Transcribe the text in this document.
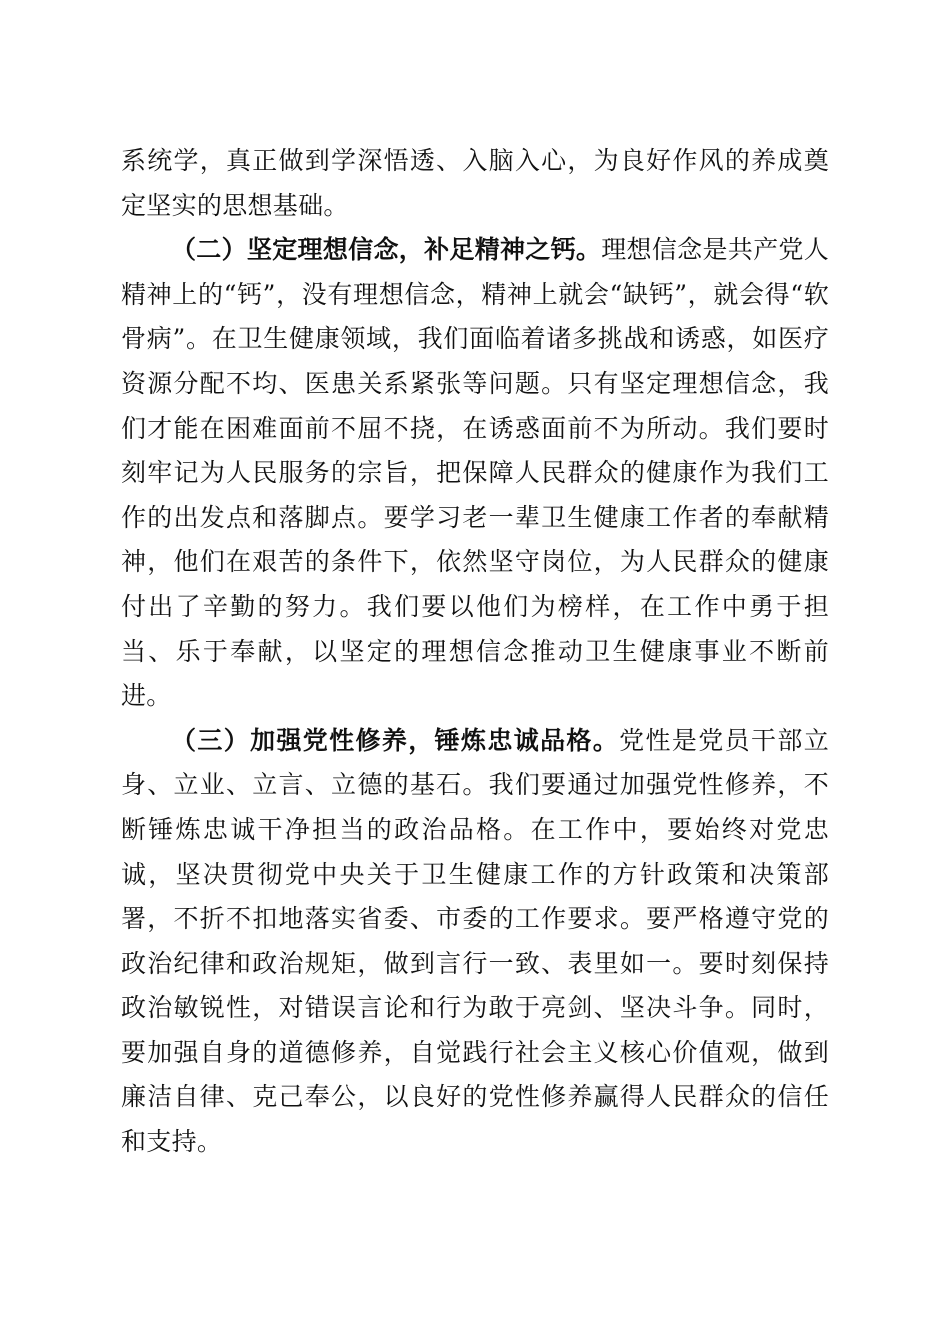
系统学，真正做到学深悟透、入脑入心，为良好作风的养成奠定坚实的思想基础。

（二）坚定理想信念，补足精神之钙。理想信念是共产党人精神上的“钙”，没有理想信念，精神上就会“缺钙”，就会得“软骨病”。在卫生健康领域，我们面临着诸多挑战和诱惑，如医疗资源分配不均、医患关系紧张等问题。只有坚定理想信念，我们才能在困难面前不屈不挠，在诱惑面前不为所动。我们要时刻牢记为人民服务的宗旨，把保障人民群众的健康作为我们工作的出发点和落脚点。要学习老一辈卫生健康工作者的奉献精神，他们在艰苦的条件下，依然坚守岗位，为人民群众的健康付出了辛勤的努力。我们要以他们为榜样，在工作中勇于担当、乐于奉献，以坚定的理想信念推动卫生健康事业不断前进。

（三）加强党性修养，锤炼忠诚品格。党性是党员干部立身、立业、立言、立德的基石。我们要通过加强党性修养，不断锤炼忠诚干净担当的政治品格。在工作中，要始终对党忠诚，坚决贯彻党中央关于卫生健康工作的方针政策和决策部署，不折不扣地落实省委、市委的工作要求。要严格遵守党的政治纪律和政治规矩，做到言行一致、表里如一。要时刻保持政治敏锐性，对错误言论和行为敢于亮剑、坚决斗争。同时，要加强自身的道德修养，自觉践行社会主义核心价值观，做到廉洁自律、克己奉公，以良好的党性修养赢得人民群众的信任和支持。
